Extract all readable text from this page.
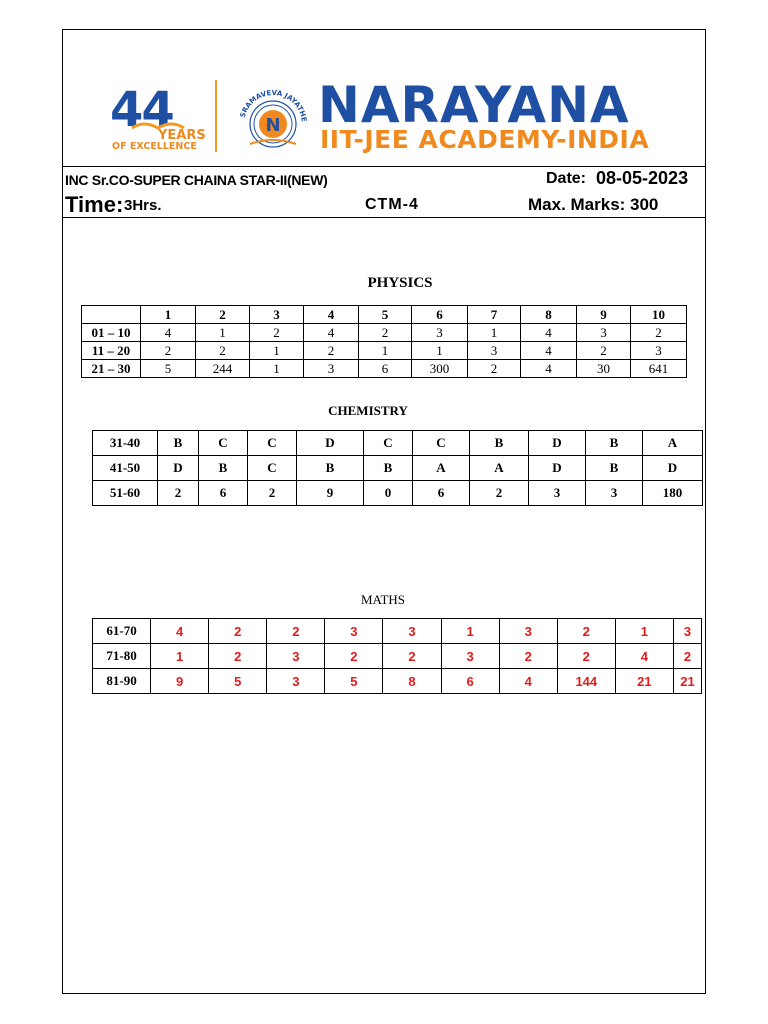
44
YEARS
OF EXCELLENCE
SRAMAVEVA JAYATHE
N NARAYANA
IIT-JEE ACADEMY-INDIA
INC Sr.CO-SUPER CHAINA STAR-II(NEW)	Date: 08-05-2023
Time: 3Hrs.	CTM-4	Max. Marks: 300
PHYSICS
	1	2	3	4	5	6	7	8	9	10
01 – 10	4	1	2	4	2	3	1	4	3	2
11 – 20	2	2	1	2	1	1	3	4	2	3
21 – 30	5	244	1	3	6	300	2	4	30	641
CHEMISTRY
31-40	B	C	C	D	C	C	B	D	B	A
41-50	D	B	C	B	B	A	A	D	B	D
51-60	2	6	2	9	0	6	2	3	3	180
MATHS
61-70	4	2	2	3	3	1	3	2	1	3
71-80	1	2	3	2	2	3	2	2	4	2
81-90	9	5	3	5	8	6	4	144	21	21
